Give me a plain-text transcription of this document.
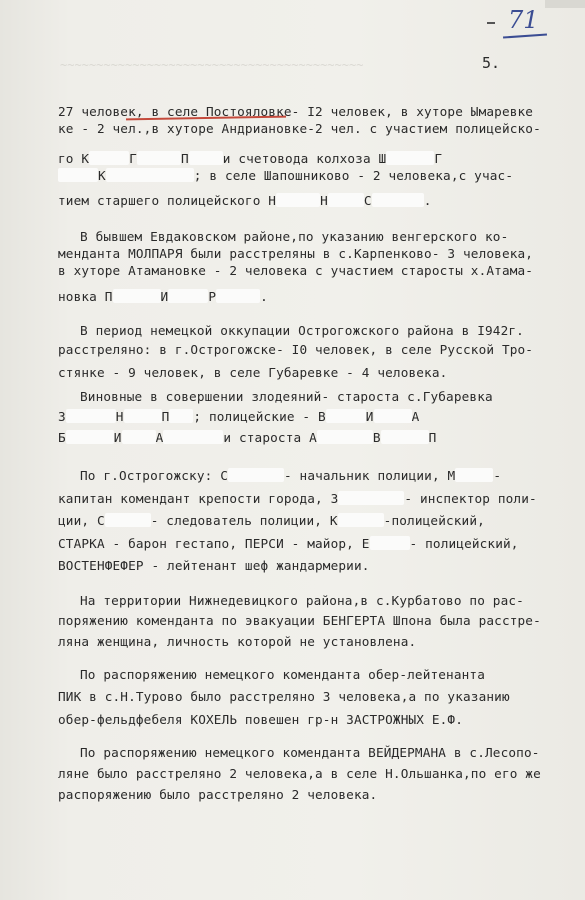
71
5.
~~~~~~~~~~~~~~~~~~~~~~~~~~~~~~~~~~~~~~~~~~
27 человек, в селе Постояловке- I2 человек, в хуторе Ымаревке
ке - 2 чел.,в хуторе Андриановке-2 чел. с участием полицейско-
го К	Г	П	и счетовода колхоза Ш	Г
К	; в селе Шапошниково - 2 человека,с учас-
тием старшего полицейского Н	Н	С	.
В бывшем Евдаковском районе,по указанию венгерского ко-
менданта МОЛПАРЯ были расстреляны в с.Карпенково- 3 человека,
в хуторе Атамановке - 2 человека с участием старосты х.Атама-
новка П	И	Р	.
В период немецкой оккупации Острогожского района в I942г.
расстреляно: в г.Острогожске- I0 человек, в селе Русской Тро-
стянке - 9 человек, в селе Губаревке - 4 человека.
Виновные в совершении злодеяний- староста с.Губаревка
З	Н	П ; полицейские - В	И	А
Б	И	А	и староста А	В	П
По г.Острогожску: С	- начальник полиции, М	-
капитан комендант крепости города, З	- инспектор поли-
ции, С	- следователь полиции, К	-полицейский,
СТАРКА - барон гестапо, ПЕРСИ - майор, Е	- полицейский,
ВОСТЕНФЕФЕР - лейтенант шеф жандармерии.
На территории Нижнедевицкого района,в с.Курбатово по рас-
поряжению коменданта по эвакуации БЕНГЕРТА Шпона была расстре-
ляна женщина, личность которой не установлена.
По распоряжению немецкого коменданта обер-лейтенанта
ПИК в с.Н.Турово было расстреляно 3 человека,а по указанию
обер-фельдфебеля КОХЕЛЬ повешен гр-н ЗАСТРОЖНЫХ Е.Ф.
По распоряжению немецкого коменданта ВЕЙДЕРМАНА в с.Лесопо-
ляне было расстреляно 2 человека,а в селе Н.Ольшанка,по его же
распоряжению было расстреляно 2 человека.
